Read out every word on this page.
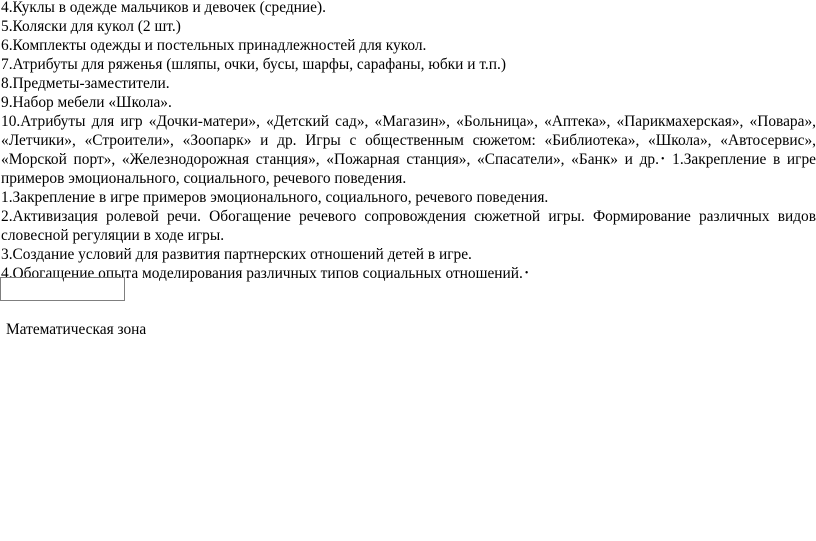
4.Куклы в одежде мальчиков и девочек (средние).

5.Коляски для кукол (2 шт.)

6.Комплекты одежды и постельных принадлежностей для кукол.

7.Атрибуты для ряженья (шляпы, очки, бусы, шарфы, сарафаны, юбки и т.п.)

8.Предметы-заместители.

9.Набор мебели «Школа».

10.Атрибуты для игр «Дочки-матери», «Детский сад», «Магазин», «Больница», «Аптека», «Парикмахерская», «Повара», «Летчики», «Строители», «Зоопарк» и др. Игры с общественным сюжетом: «Библиотека», «Школа», «Автосервис», «Морской порт», «Железнодорожная станция», «Пожарная станция», «Спасатели», «Банк» и др. • 1.Закрепление в игре примеров эмоционального, социального, речевого поведения.

1.Закрепление в игре примеров эмоционального, социального, речевого поведения.

2.Активизация ролевой речи. Обогащение речевого сопровождения сюжетной игры. Формирование различных видов словесной регуляции в ходе игры.

3.Создание условий для развития партнерских отношений детей в игре.

4.Обогащение опыта моделирования различных типов социальных отношений. •

Математическая зона
